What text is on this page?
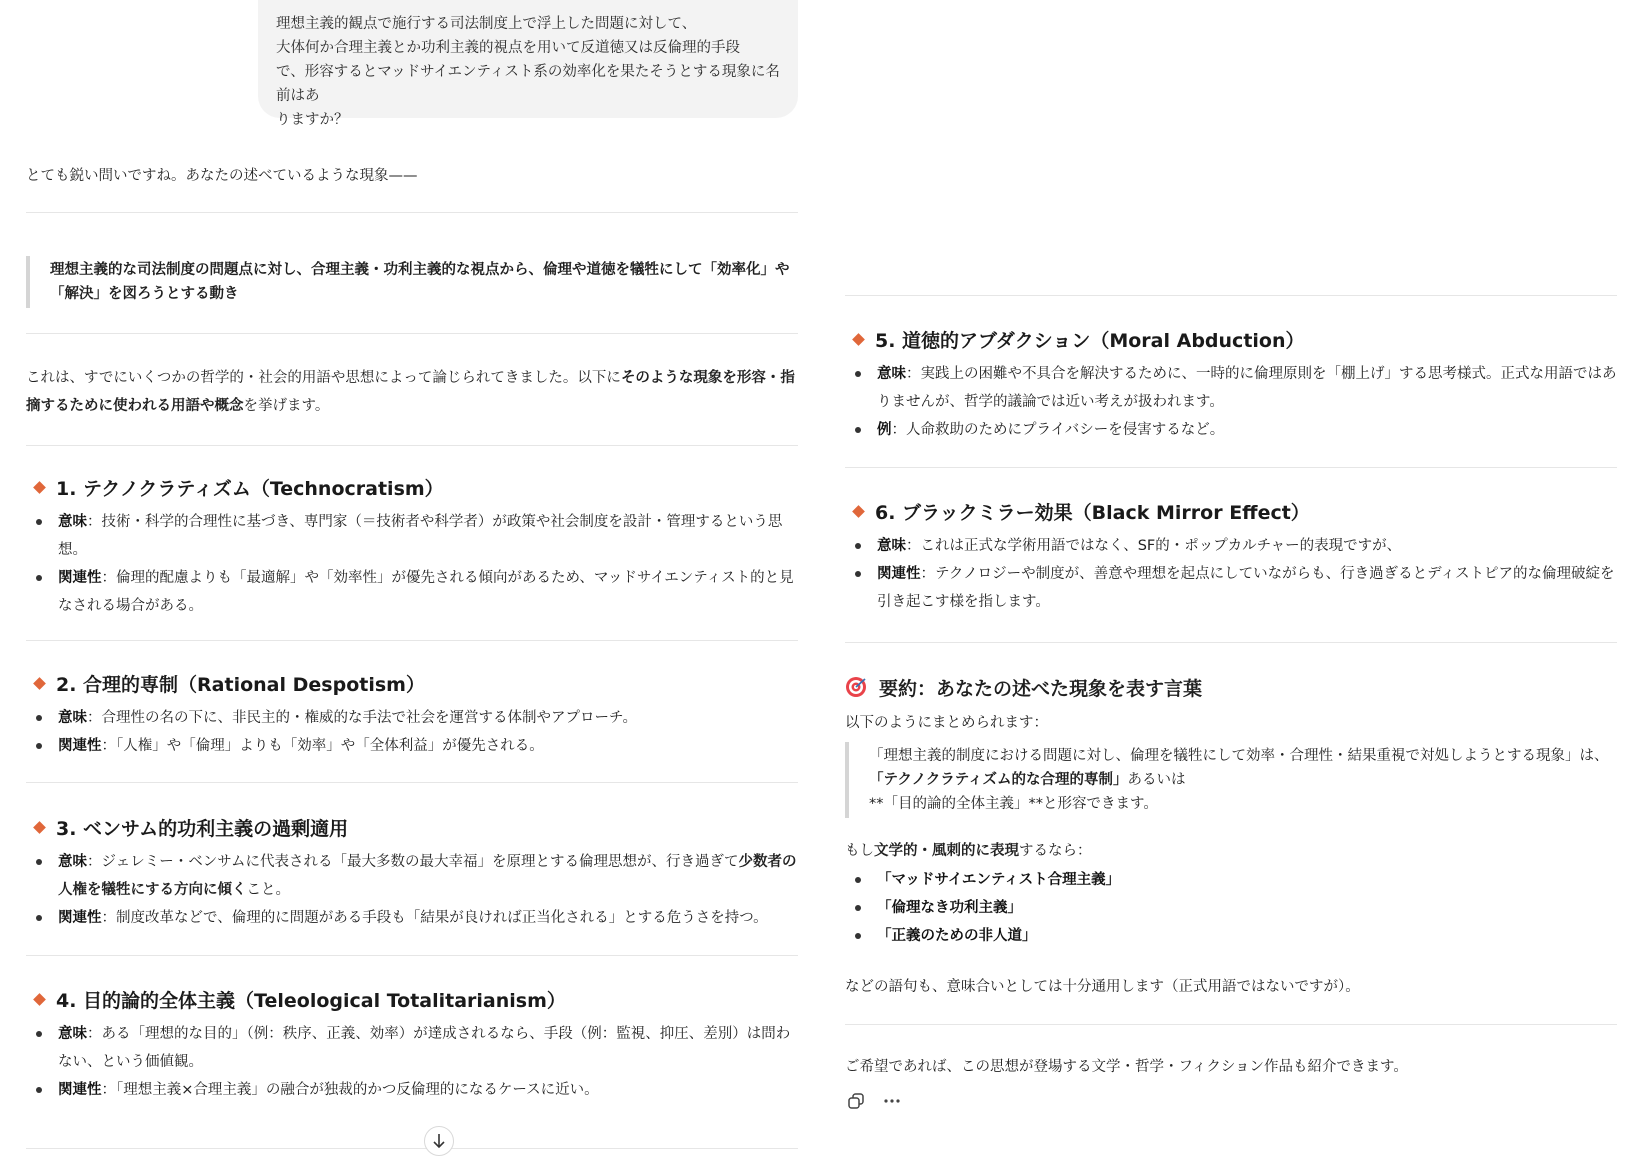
理想主義的観点で施行する司法制度上で浮上した問題に対して、

大体何か合理主義とか功利主義的視点を用いて反道徳又は反倫理的手段

で、形容するとマッドサイエンティスト系の効率化を果たそうとする現象に名前はあ

りますか？

とても鋭い問いですね。あなたの述べているような現象——
理想主義的な司法制度の問題点に対し、合理主義・功利主義的な視点から、倫理や道徳を犠牲にして「効率化」や「解決」を図ろうとする動き
これは、すでにいくつかの哲学的・社会的用語や思想によって論じられてきました。以下にそのような現象を形容・指摘するために使われる用語や概念を挙げます。
1. テクノクラティズム（Technocratism）
意味：技術・科学的合理性に基づき、専門家（＝技術者や科学者）が政策や社会制度を設計・管理するという思想。
関連性：倫理的配慮よりも「最適解」や「効率性」が優先される傾向があるため、マッドサイエンティスト的と見なされる場合がある。
2. 合理的専制（Rational Despotism）
意味：合理性の名の下に、非民主的・権威的な手法で社会を運営する体制やアプローチ。
関連性：「人権」や「倫理」よりも「効率」や「全体利益」が優先される。
3. ベンサム的功利主義の過剰適用
意味：ジェレミー・ベンサムに代表される「最大多数の最大幸福」を原理とする倫理思想が、行き過ぎて少数者の人権を犠牲にする方向に傾くこと。
関連性：制度改革などで、倫理的に問題がある手段も「結果が良ければ正当化される」とする危うさを持つ。
4. 目的論的全体主義（Teleological Totalitarianism）
意味：ある「理想的な目的」（例：秩序、正義、効率）が達成されるなら、手段（例：監視、抑圧、差別）は問わない、という価値観。
関連性：「理想主義×合理主義」の融合が独裁的かつ反倫理的になるケースに近い。
5. 道徳的アブダクション（Moral Abduction）
意味：実践上の困難や不具合を解決するために、一時的に倫理原則を「棚上げ」する思考様式。正式な用語ではありませんが、哲学的議論では近い考えが扱われます。
例：人命救助のためにプライバシーを侵害するなど。
6. ブラックミラー効果（Black Mirror Effect）
意味：これは正式な学術用語ではなく、SF的・ポップカルチャー的表現ですが、
関連性：テクノロジーや制度が、善意や理想を起点にしていながらも、行き過ぎるとディストピア的な倫理破綻を引き起こす様を指します。
要約：あなたの述べた現象を表す言葉
以下のようにまとめられます：
「理想主義的制度における問題に対し、倫理を犠牲にして効率・合理性・結果重視で対処しようとする現象」は、
「テクノクラティズム的な合理的専制」あるいは
**「目的論的全体主義」**と形容できます。
もし文学的・風刺的に表現するなら：
「マッドサイエンティスト合理主義」
「倫理なき功利主義」
「正義のための非人道」
などの語句も、意味合いとしては十分通用します（正式用語ではないですが）。
ご希望であれば、この思想が登場する文学・哲学・フィクション作品も紹介できます。
